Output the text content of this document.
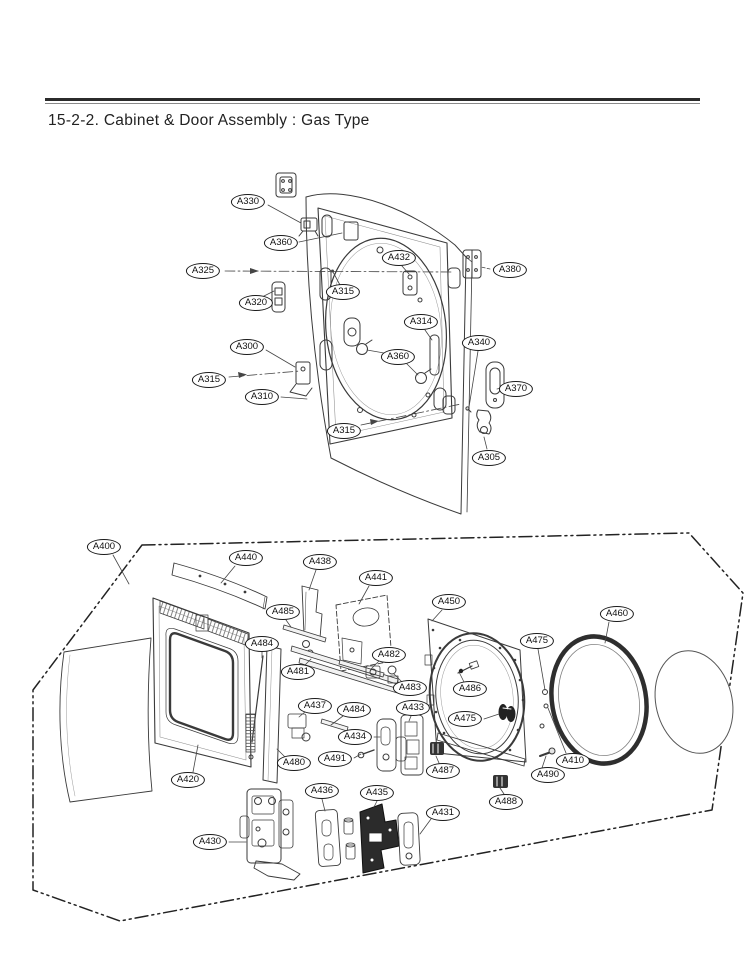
15-2-2. Cabinet & Door Assembly : Gas Type
A330
A360
A325
A432
A380
A315
A320
A314
A300	A340
A315
A360
A370
A310
A315
A305
A400
A440	A438
A441
A450
A485	A460
A475
A484
A482
A481
A483	A486
A437	A484	A433
A475
A434
A491
A480	A410
A487	A490
A420
A436	A435
A488
A431
A430
